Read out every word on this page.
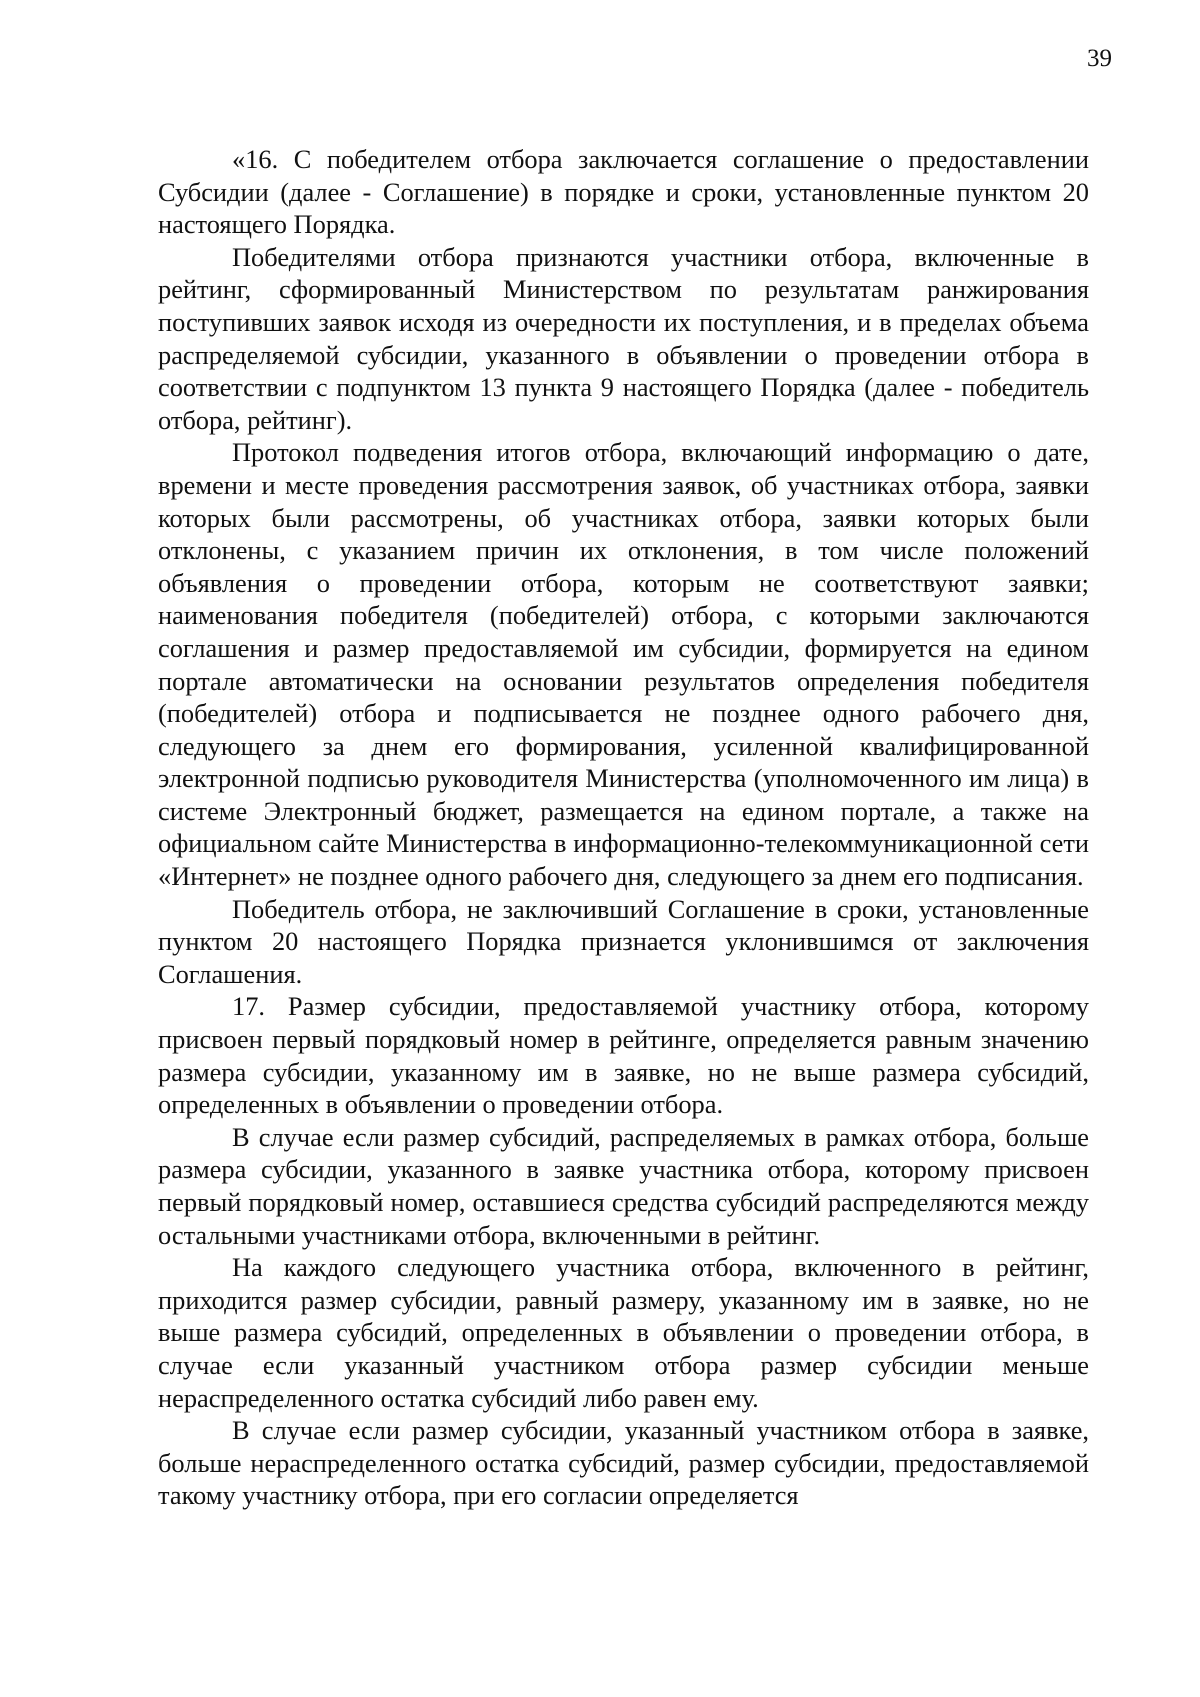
39

«16. С победителем отбора заключается соглашение о предоставлении Субсидии (далее - Соглашение) в порядке и сроки, установленные пунктом 20 настоящего Порядка.

Победителями отбора признаются участники отбора, включенные в рейтинг, сформированный Министерством по результатам ранжирования поступивших заявок исходя из очередности их поступления, и в пределах объема распределяемой субсидии, указанного в объявлении о проведении отбора в соответствии с подпунктом 13 пункта 9 настоящего Порядка (далее - победитель отбора, рейтинг).

Протокол подведения итогов отбора, включающий информацию о дате, времени и месте проведения рассмотрения заявок, об участниках отбора, заявки которых были рассмотрены, об участниках отбора, заявки которых были отклонены, с указанием причин их отклонения, в том числе положений объявления о проведении отбора, которым не соответствуют заявки; наименования победителя (победителей) отбора, с которыми заключаются соглашения и размер предоставляемой им субсидии, формируется на едином портале автоматически на основании результатов определения победителя (победителей) отбора и подписывается не позднее одного рабочего дня, следующего за днем его формирования, усиленной квалифицированной электронной подписью руководителя Министерства (уполномоченного им лица) в системе Электронный бюджет, размещается на едином портале, а также на официальном сайте Министерства в информационно-телекоммуникационной сети «Интернет» не позднее одного рабочего дня, следующего за днем его подписания.

Победитель отбора, не заключивший Соглашение в сроки, установленные пунктом 20 настоящего Порядка признается уклонившимся от заключения Соглашения.

17. Размер субсидии, предоставляемой участнику отбора, которому присвоен первый порядковый номер в рейтинге, определяется равным значению размера субсидии, указанному им в заявке, но не выше размера субсидий, определенных в объявлении о проведении отбора.

В случае если размер субсидий, распределяемых в рамках отбора, больше размера субсидии, указанного в заявке участника отбора, которому присвоен первый порядковый номер, оставшиеся средства субсидий распределяются между остальными участниками отбора, включенными в рейтинг.

На каждого следующего участника отбора, включенного в рейтинг, приходится размер субсидии, равный размеру, указанному им в заявке, но не выше размера субсидий, определенных в объявлении о проведении отбора, в случае если указанный участником отбора размер субсидии меньше нераспределенного остатка субсидий либо равен ему.

В случае если размер субсидии, указанный участником отбора в заявке, больше нераспределенного остатка субсидий, размер субсидии, предоставляемой такому участнику отбора, при его согласии определяется
